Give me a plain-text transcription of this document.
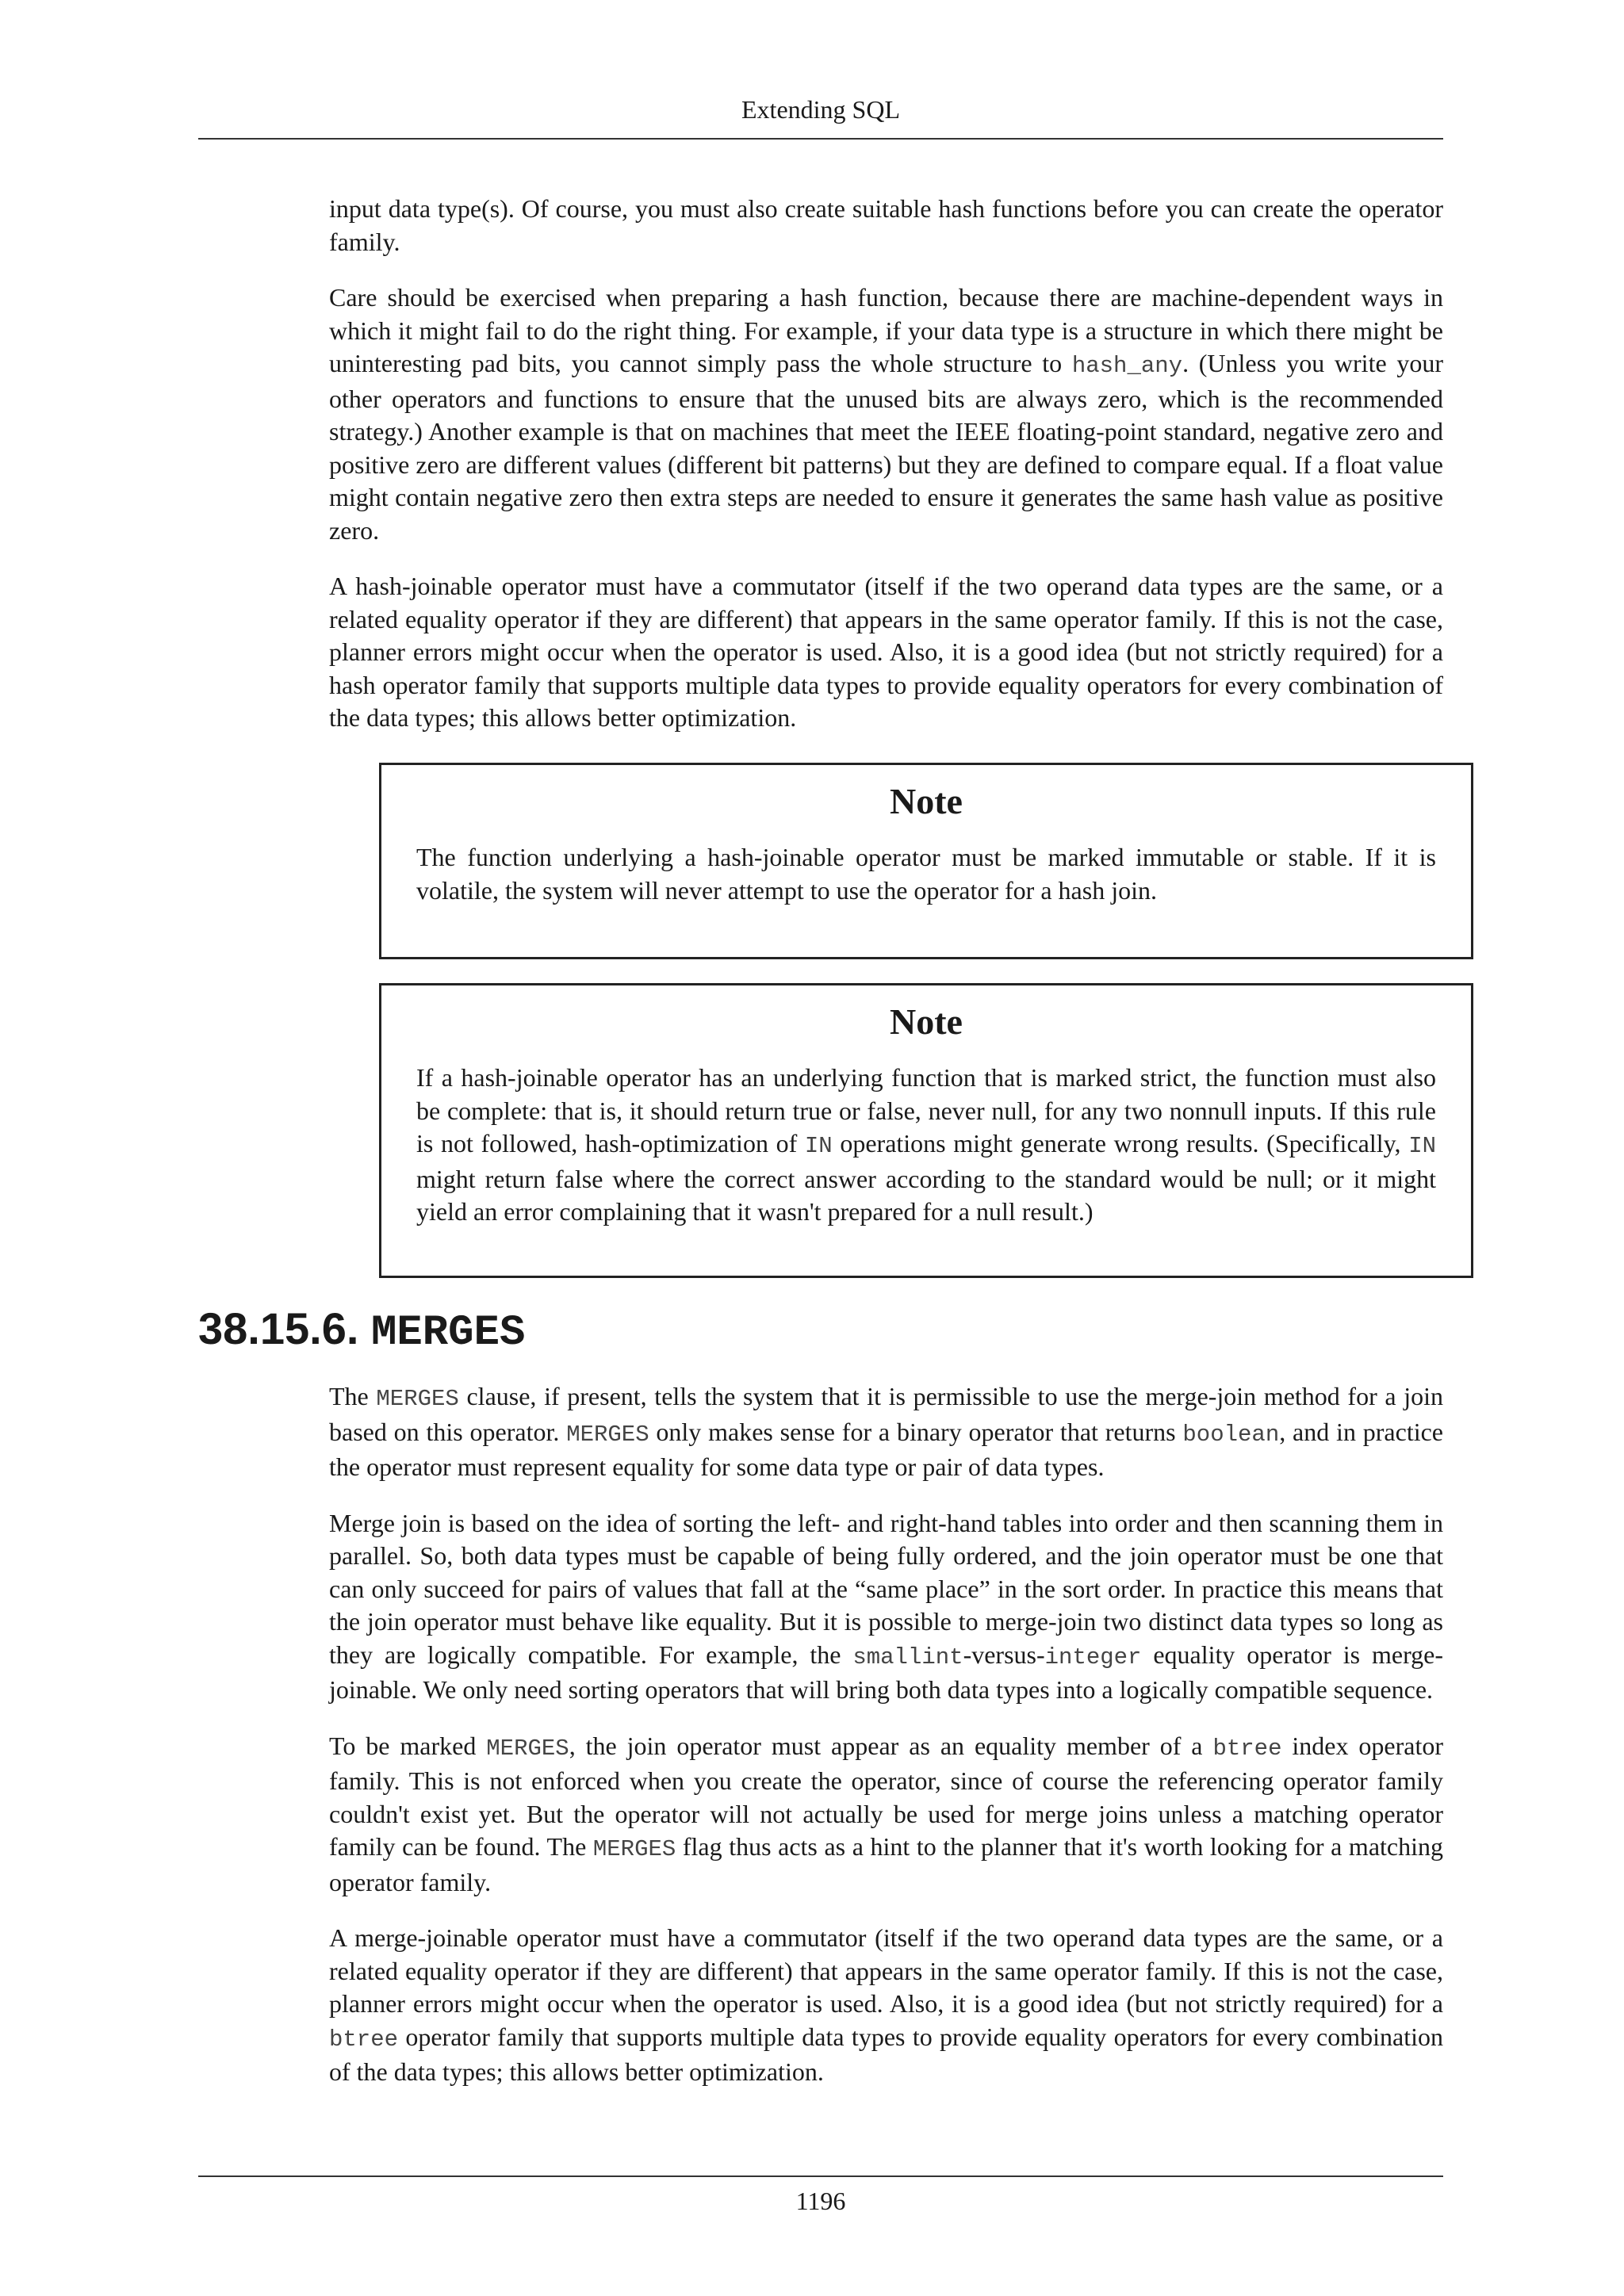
Extending SQL

input data type(s). Of course, you must also create suitable hash functions before you can create the operator family.

Care should be exercised when preparing a hash function, because there are machine-dependent ways in which it might fail to do the right thing. For example, if your data type is a structure in which there might be uninteresting pad bits, you cannot simply pass the whole structure to hash_any. (Unless you write your other operators and functions to ensure that the unused bits are always zero, which is the recommended strategy.) Another example is that on machines that meet the IEEE floating-point standard, negative zero and positive zero are different values (different bit patterns) but they are defined to compare equal. If a float value might contain negative zero then extra steps are needed to ensure it generates the same hash value as positive zero.

A hash-joinable operator must have a commutator (itself if the two operand data types are the same, or a related equality operator if they are different) that appears in the same operator family. If this is not the case, planner errors might occur when the operator is used. Also, it is a good idea (but not strictly required) for a hash operator family that supports multiple data types to provide equality operators for every combination of the data types; this allows better optimization.

Note

The function underlying a hash-joinable operator must be marked immutable or stable. If it is volatile, the system will never attempt to use the operator for a hash join.

Note

If a hash-joinable operator has an underlying function that is marked strict, the function must also be complete: that is, it should return true or false, never null, for any two nonnull inputs. If this rule is not followed, hash-optimization of IN operations might generate wrong results. (Specifically, IN might return false where the correct answer according to the standard would be null; or it might yield an error complaining that it wasn't prepared for a null result.)

38.15.6. MERGES

The MERGES clause, if present, tells the system that it is permissible to use the merge-join method for a join based on this operator. MERGES only makes sense for a binary operator that returns boolean, and in practice the operator must represent equality for some data type or pair of data types.

Merge join is based on the idea of sorting the left- and right-hand tables into order and then scanning them in parallel. So, both data types must be capable of being fully ordered, and the join operator must be one that can only succeed for pairs of values that fall at the “same place” in the sort order. In practice this means that the join operator must behave like equality. But it is possible to merge-join two distinct data types so long as they are logically compatible. For example, the smallint-versus-integer equality operator is merge-joinable. We only need sorting operators that will bring both data types into a logically compatible sequence.

To be marked MERGES, the join operator must appear as an equality member of a btree index operator family. This is not enforced when you create the operator, since of course the referencing operator family couldn't exist yet. But the operator will not actually be used for merge joins unless a matching operator family can be found. The MERGES flag thus acts as a hint to the planner that it's worth looking for a matching operator family.

A merge-joinable operator must have a commutator (itself if the two operand data types are the same, or a related equality operator if they are different) that appears in the same operator family. If this is not the case, planner errors might occur when the operator is used. Also, it is a good idea (but not strictly required) for a btree operator family that supports multiple data types to provide equality operators for every combination of the data types; this allows better optimization.

1196
